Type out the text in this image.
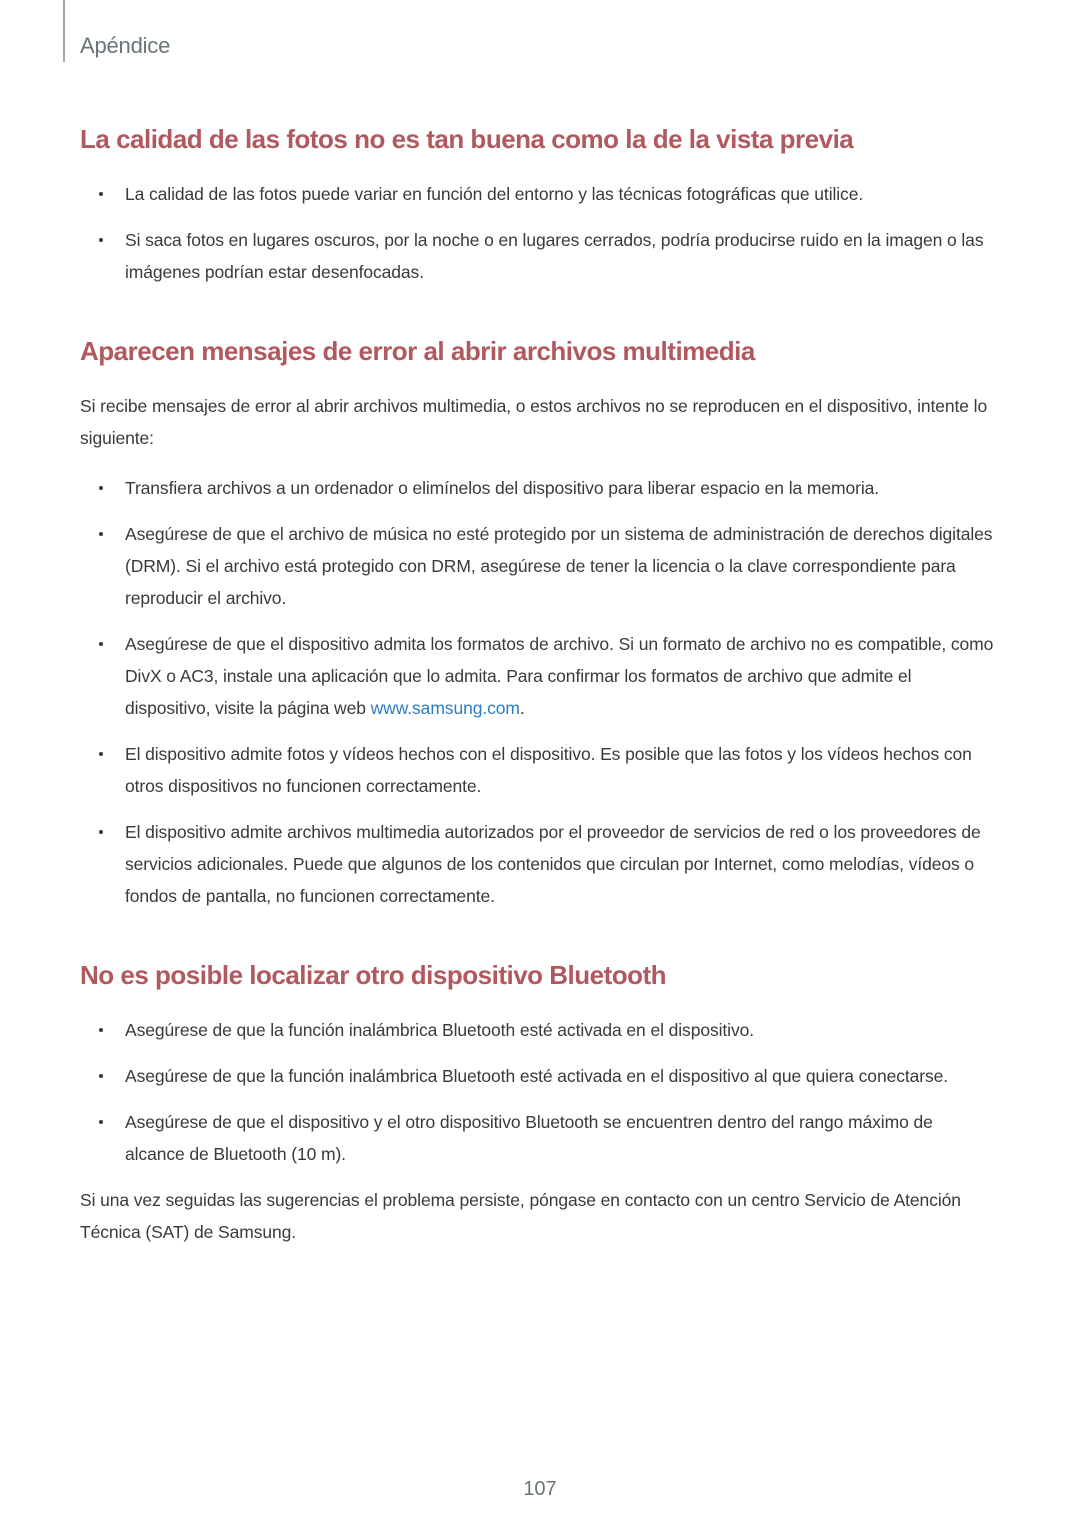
Apéndice
La calidad de las fotos no es tan buena como la de la vista previa
La calidad de las fotos puede variar en función del entorno y las técnicas fotográficas que utilice.
Si saca fotos en lugares oscuros, por la noche o en lugares cerrados, podría producirse ruido en la imagen o las imágenes podrían estar desenfocadas.
Aparecen mensajes de error al abrir archivos multimedia

Si recibe mensajes de error al abrir archivos multimedia, o estos archivos no se reproducen en el dispositivo, intente lo siguiente:

Transfiera archivos a un ordenador o elimínelos del dispositivo para liberar espacio en la memoria.
Asegúrese de que el archivo de música no esté protegido por un sistema de administración de derechos digitales (DRM). Si el archivo está protegido con DRM, asegúrese de tener la licencia o la clave correspondiente para reproducir el archivo.
Asegúrese de que el dispositivo admita los formatos de archivo. Si un formato de archivo no es compatible, como DivX o AC3, instale una aplicación que lo admita. Para confirmar los formatos de archivo que admite el dispositivo, visite la página web www.samsung.com.
El dispositivo admite fotos y vídeos hechos con el dispositivo. Es posible que las fotos y los vídeos hechos con otros dispositivos no funcionen correctamente.
El dispositivo admite archivos multimedia autorizados por el proveedor de servicios de red o los proveedores de servicios adicionales. Puede que algunos de los contenidos que circulan por Internet, como melodías, vídeos o fondos de pantalla, no funcionen correctamente.
No es posible localizar otro dispositivo Bluetooth
Asegúrese de que la función inalámbrica Bluetooth esté activada en el dispositivo.
Asegúrese de que la función inalámbrica Bluetooth esté activada en el dispositivo al que quiera conectarse.
Asegúrese de que el dispositivo y el otro dispositivo Bluetooth se encuentren dentro del rango máximo de alcance de Bluetooth (10 m).

Si una vez seguidas las sugerencias el problema persiste, póngase en contacto con un centro Servicio de Atención Técnica (SAT) de Samsung.

107
